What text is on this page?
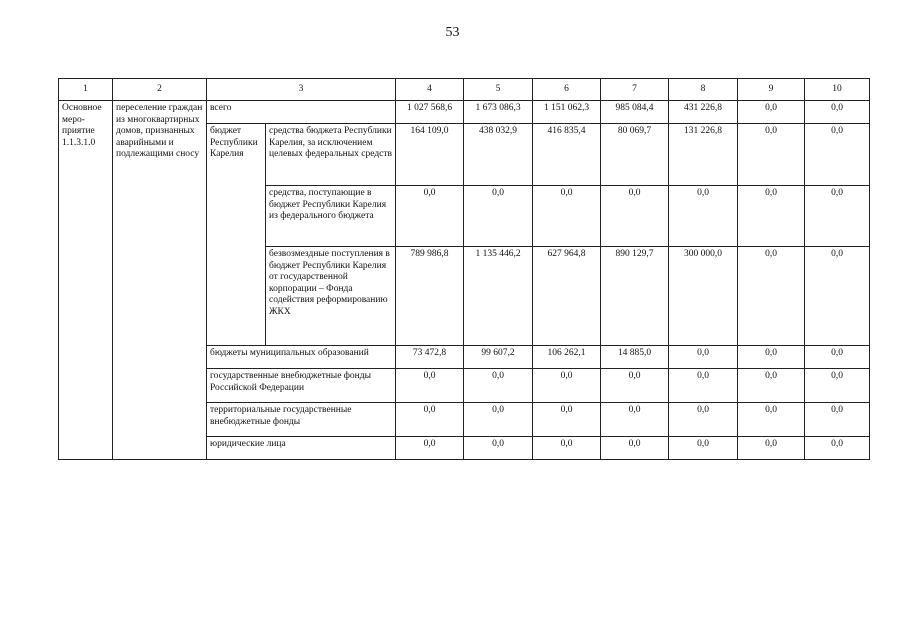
53
1	2	3		4	5	6	7	8	9	10
Основное меро-приятие 1.1.3.1.0	переселение граждан из многоквартирных домов, признанных аварийными и подлежащими сносу	всего		1 027 568,6	1 673 086,3	1 151 062,3	985 084,4	431 226,8	0,0	0,0
		бюджет Республики Карелия	средства бюджета Республики Карелия, за исключением целевых федеральных средств	164 109,0	438 032,9	416 835,4	80 069,7	131 226,8	0,0	0,0
			средства, поступающие в бюджет Республики Карелия из федерального бюджета	0,0	0,0	0,0	0,0	0,0	0,0	0,0
			безвозмездные поступления в бюджет Республики Карелия от государственной корпорации – Фонда содействия реформированию ЖКХ	789 986,8	1 135 446,2	627 964,8	890 129,7	300 000,0	0,0	0,0
		бюджеты муниципальных образований		73 472,8	99 607,2	106 262,1	14 885,0	0,0	0,0	0,0
		государственные внебюджетные фонды Российской Федерации		0,0	0,0	0,0	0,0	0,0	0,0	0,0
		территориальные государственные внебюджетные фонды		0,0	0,0	0,0	0,0	0,0	0,0	0,0
		юридические лица		0,0	0,0	0,0	0,0	0,0	0,0	0,0
